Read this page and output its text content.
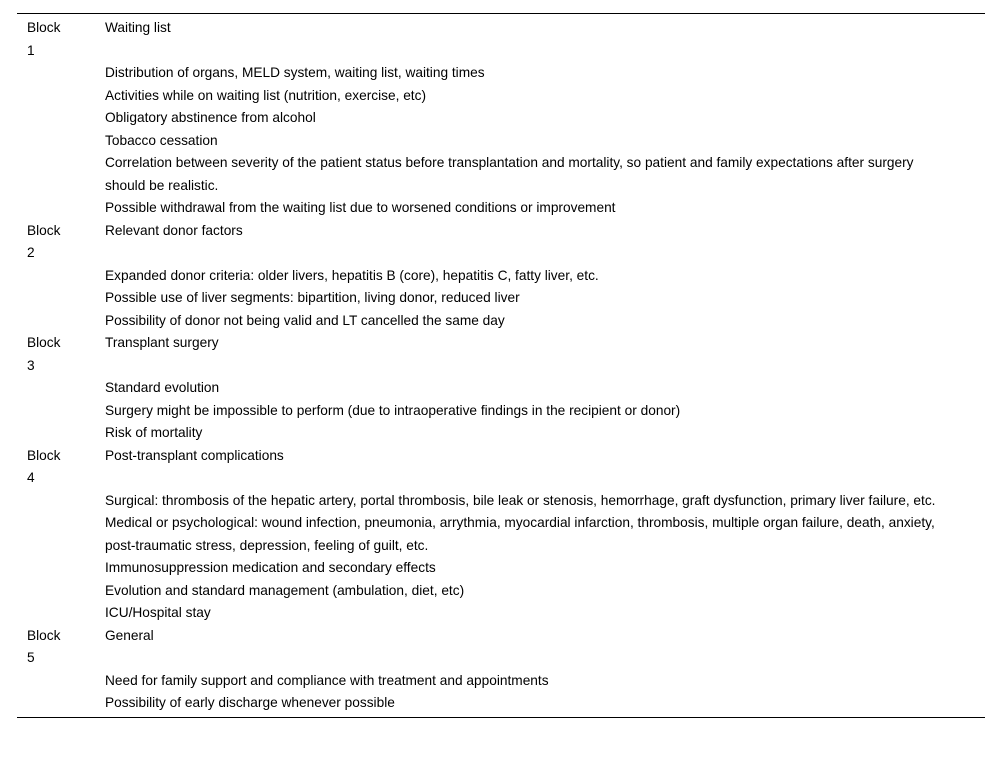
Block 1
Waiting list
Distribution of organs, MELD system, waiting list, waiting times
Activities while on waiting list (nutrition, exercise, etc)
Obligatory abstinence from alcohol
Tobacco cessation
Correlation between severity of the patient status before transplantation and mortality, so patient and family expectations after surgery should be realistic.
Possible withdrawal from the waiting list due to worsened conditions or improvement
Block 2
Relevant donor factors
Expanded donor criteria: older livers, hepatitis B (core), hepatitis C, fatty liver, etc.
Possible use of liver segments: bipartition, living donor, reduced liver
Possibility of donor not being valid and LT cancelled the same day
Block 3
Transplant surgery
Standard evolution
Surgery might be impossible to perform (due to intraoperative findings in the recipient or donor)
Risk of mortality
Block 4
Post-transplant complications
Surgical: thrombosis of the hepatic artery, portal thrombosis, bile leak or stenosis, hemorrhage, graft dysfunction, primary liver failure, etc.
Medical or psychological: wound infection, pneumonia, arrythmia, myocardial infarction, thrombosis, multiple organ failure, death, anxiety, post-traumatic stress, depression, feeling of guilt, etc.
Immunosuppression medication and secondary effects
Evolution and standard management (ambulation, diet, etc)
ICU/Hospital stay
Block 5
General
Need for family support and compliance with treatment and appointments
Possibility of early discharge whenever possible
